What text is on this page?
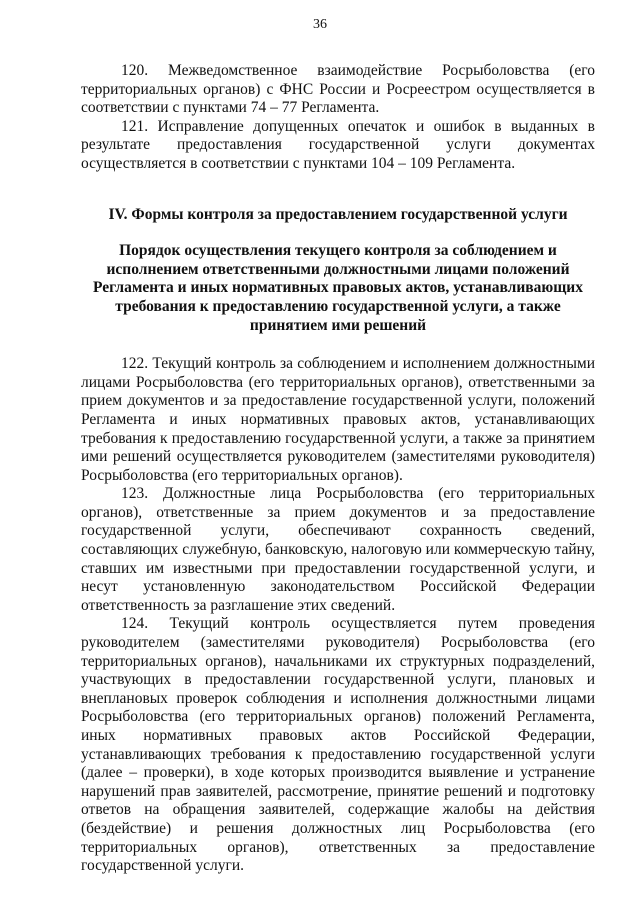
36

120. Межведомственное взаимодействие Росрыболовства (его территориальных органов) с ФНС России и Росреестром осуществляется в соответствии с пунктами 74 – 77 Регламента.

121. Исправление допущенных опечаток и ошибок в выданных в результате предоставления государственной услуги документах осуществляется в соответствии с пунктами 104 – 109 Регламента.

IV. Формы контроля за предоставлением государственной услуги
Порядок осуществления текущего контроля за соблюдением и исполнением ответственными должностными лицами положений Регламента и иных нормативных правовых актов, устанавливающих требования к предоставлению государственной услуги, а также принятием ими решений

122. Текущий контроль за соблюдением и исполнением должностными лицами Росрыболовства (его территориальных органов), ответственными за прием документов и за предоставление государственной услуги, положений Регламента и иных нормативных правовых актов, устанавливающих требования к предоставлению государственной услуги, а также за принятием ими решений осуществляется руководителем (заместителями руководителя) Росрыболовства (его территориальных органов).

123. Должностные лица Росрыболовства (его территориальных органов), ответственные за прием документов и за предоставление государственной услуги, обеспечивают сохранность сведений, составляющих служебную, банковскую, налоговую или коммерческую тайну, ставших им известными при предоставлении государственной услуги, и несут установленную законодательством Российской Федерации ответственность за разглашение этих сведений.

124. Текущий контроль осуществляется путем проведения руководителем (заместителями руководителя) Росрыболовства (его территориальных органов), начальниками их структурных подразделений, участвующих в предоставлении государственной услуги, плановых и внеплановых проверок соблюдения и исполнения должностными лицами Росрыболовства (его территориальных органов) положений Регламента, иных нормативных правовых актов Российской Федерации, устанавливающих требования к предоставлению государственной услуги (далее – проверки), в ходе которых производится выявление и устранение нарушений прав заявителей, рассмотрение, принятие решений и подготовку ответов на обращения заявителей, содержащие жалобы на действия (бездействие) и решения должностных лиц Росрыболовства (его территориальных органов), ответственных за предоставление государственной услуги.
